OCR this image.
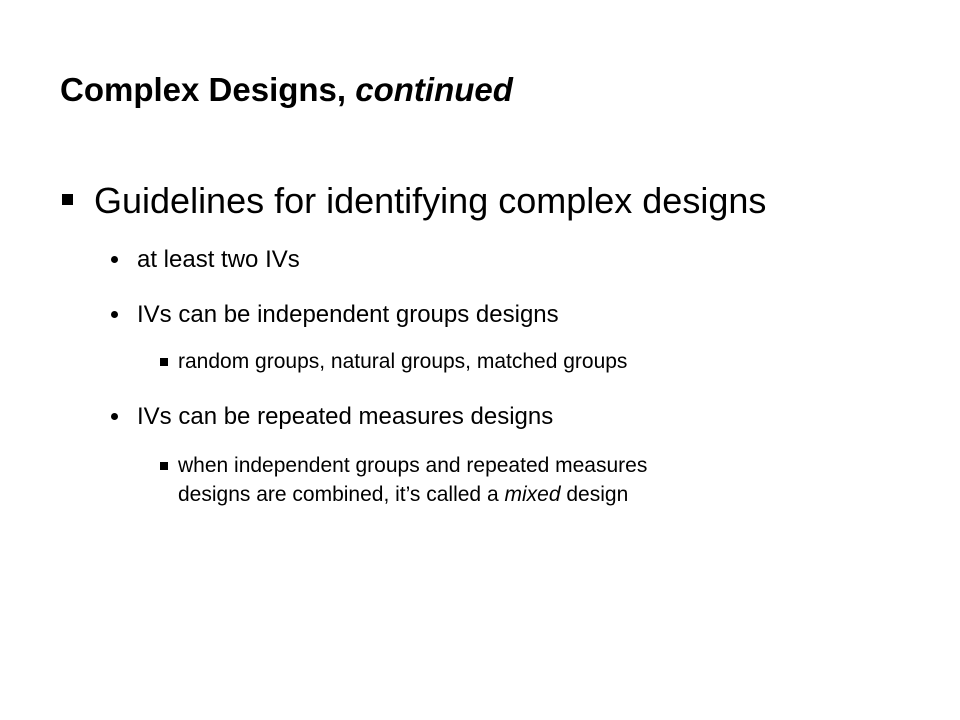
Complex Designs, continued
Guidelines for identifying complex designs
at least two IVs
IVs can be independent groups designs
random groups, natural groups, matched groups
IVs can be repeated measures designs
when independent groups and repeated measures
designs are combined, it’s called a mixed design
